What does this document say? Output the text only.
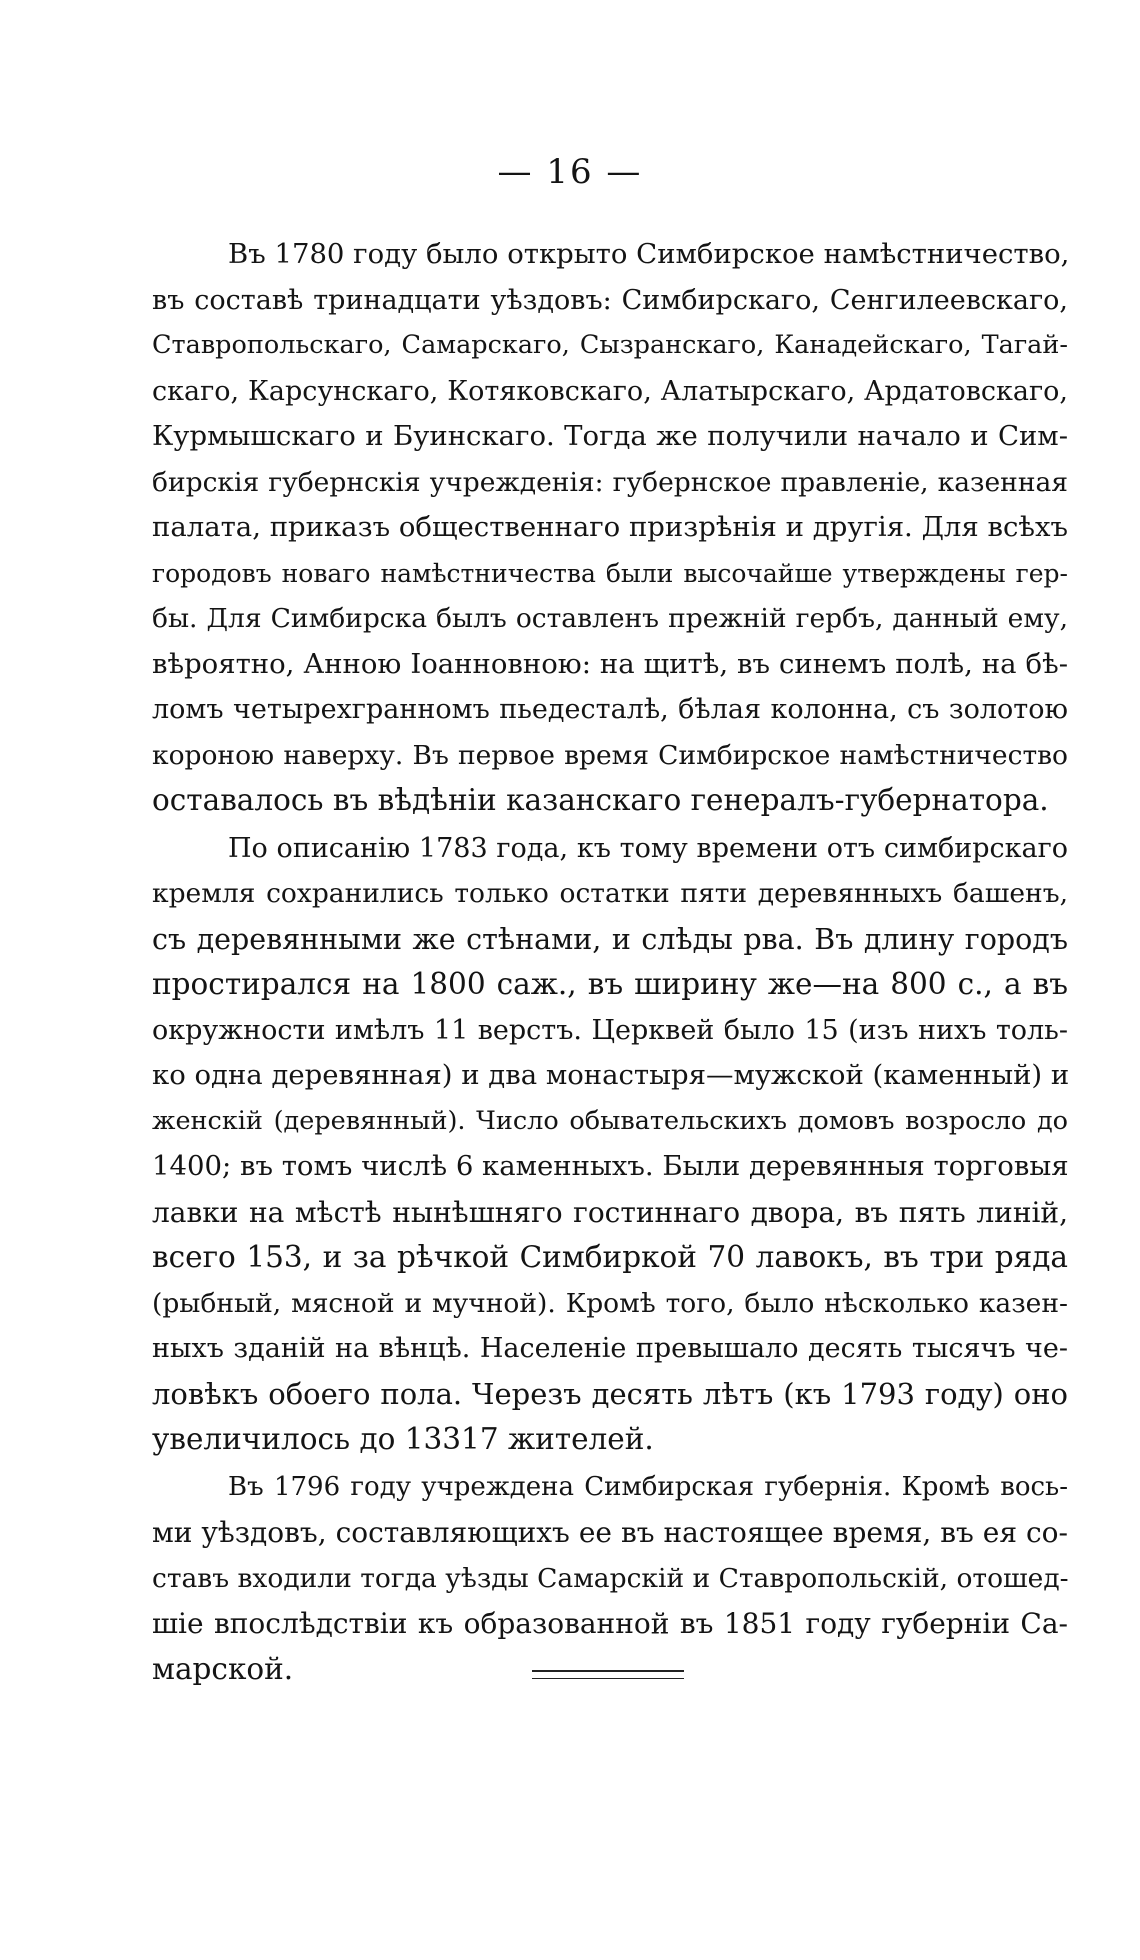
— 16 —
Въ 1780 году было открыто Симбирское намѣстничество,
въ составѣ тринадцати уѣздовъ: Симбирскаго, Сенгилеевскаго,
Ставропольскаго, Самарскаго, Сызранскаго, Канадейскаго, Тагай-
скаго, Карсунскаго, Котяковскаго, Алатырскаго, Ардатовскаго,
Курмышскаго и Буинскаго. Тогда же получили начало и Сим-
бирскія губернскія учрежденія: губернское правленіе, казенная
палата, приказъ общественнаго призрѣнія и другія. Для всѣхъ
городовъ новаго намѣстничества были высочайше утверждены гер-
бы. Для Симбирска былъ оставленъ прежній гербъ, данный ему,
вѣроятно, Анною Іоанновною: на щитѣ, въ синемъ полѣ, на бѣ-
ломъ четырехгранномъ пьедесталѣ, бѣлая колонна, съ золотою
короною наверху. Въ первое время Симбирское намѣстничество
оставалось въ вѣдѣніи казанскаго генералъ-губернатора.
По описанію 1783 года, къ тому времени отъ симбирскаго
кремля сохранились только остатки пяти деревянныхъ башенъ,
съ деревянными же стѣнами, и слѣды рва. Въ длину городъ
простирался на 1800 саж., въ ширину же—на 800 с., а въ
окружности имѣлъ 11 верстъ. Церквей было 15 (изъ нихъ толь-
ко одна деревянная) и два монастыря—мужской (каменный) и
женскій (деревянный). Число обывательскихъ домовъ возросло до
1400; въ томъ числѣ 6 каменныхъ. Были деревянныя торговыя
лавки на мѣстѣ нынѣшняго гостиннаго двора, въ пять линій,
всего 153, и за рѣчкой Симбиркой 70 лавокъ, въ три ряда
(рыбный, мясной и мучной). Кромѣ того, было нѣсколько казен-
ныхъ зданій на вѣнцѣ. Населеніе превышало десять тысячъ че-
ловѣкъ обоего пола. Черезъ десять лѣтъ (къ 1793 году) оно
увеличилось до 13317 жителей.
Въ 1796 году учреждена Симбирская губернія. Кромѣ вось-
ми уѣздовъ, составляющихъ ее въ настоящее время, въ ея со-
ставъ входили тогда уѣзды Самарскій и Ставропольскій, отошед-
шіе впослѣдствіи къ образованной въ 1851 году губерніи Са-
марской.
